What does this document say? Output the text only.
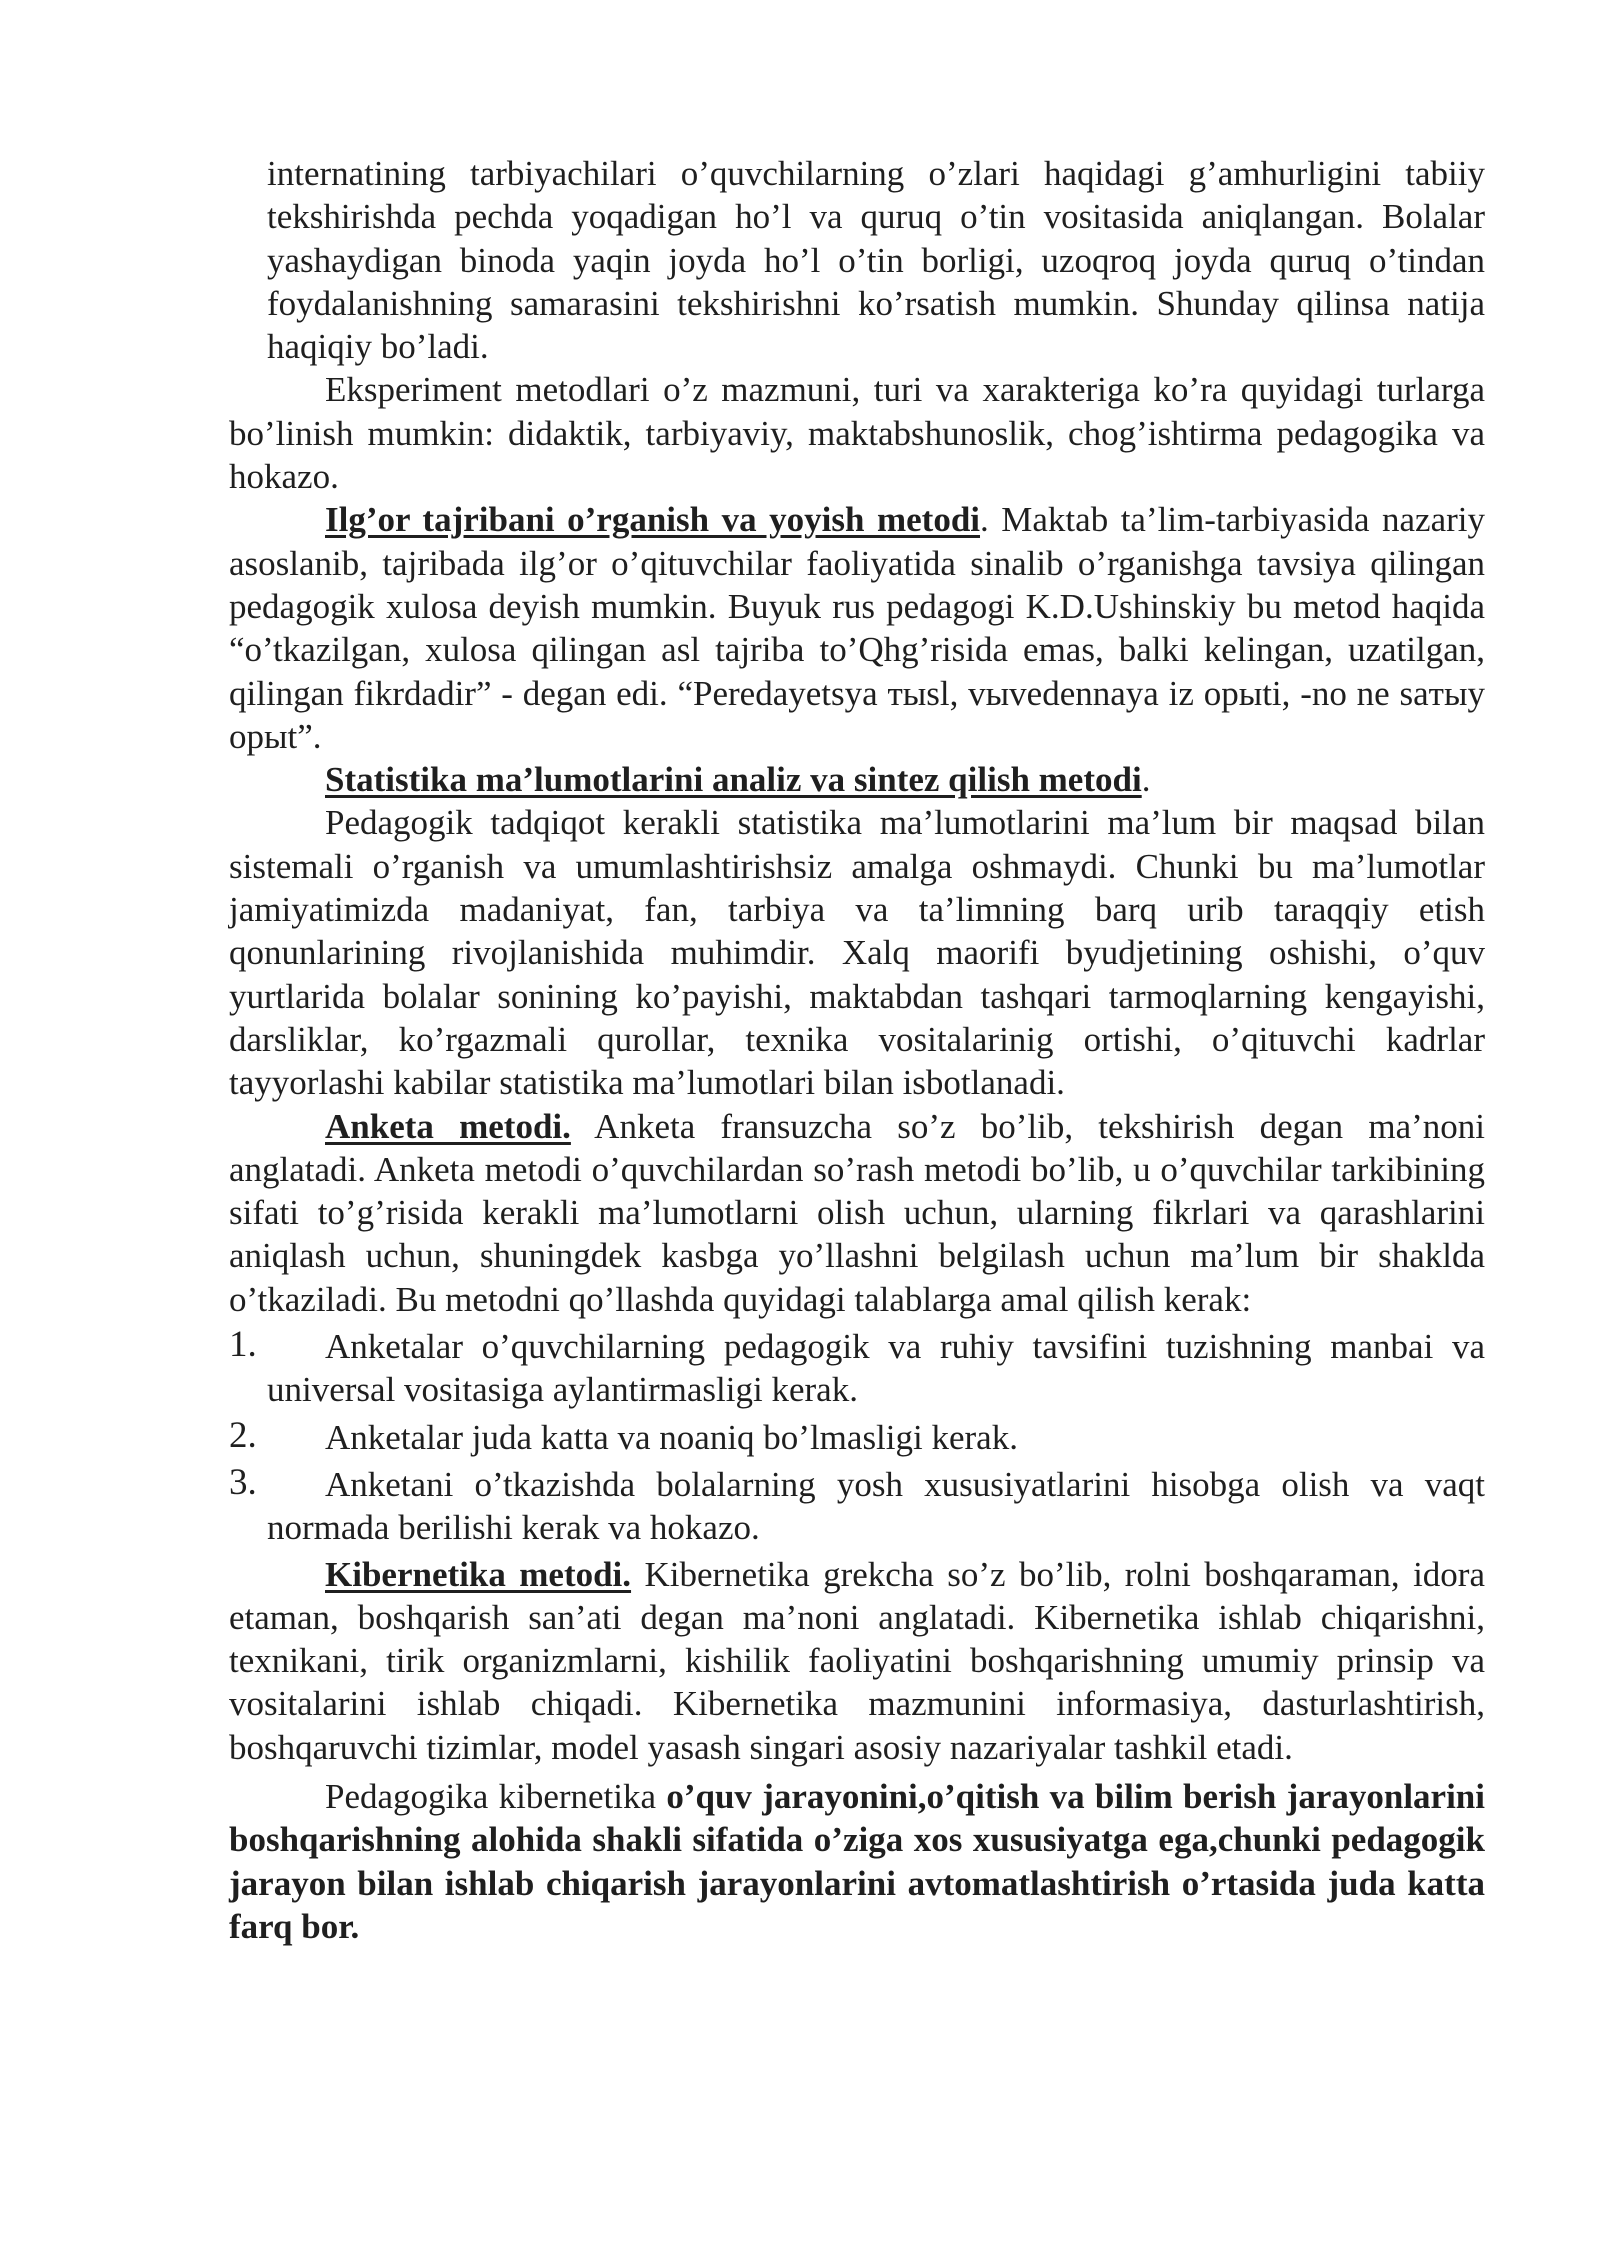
internatining tarbiyachilari o’quvchilarning o’zlari haqidagi g’amhurligini tabiiy tekshirishda pechda yoqadigan ho’l va quruq o’tin vositasida aniqlangan. Bolalar yashaydigan binoda yaqin joyda ho’l o’tin borligi, uzoqroq joyda quruq o’tindan foydalanishning samarasini tekshirishni ko’rsatish mumkin. Shunday qilinsa natija haqiqiy bo’ladi.

Eksperiment metodlari o’z mazmuni, turi va xarakteriga ko’ra quyidagi turlarga bo’linish mumkin: didaktik, tarbiyaviy, maktabshunoslik, chog’ishtirma pedagogika va hokazo.

Ilg’or tajribani o’rganish va yoyish metodi. Maktab ta’lim-tarbiyasida nazariy asoslanib, tajribada ilg’or o’qituvchilar faoliyatida sinalib o’rganishga tavsiya qilingan pedagogik xulosa deyish mumkin. Buyuk rus pedagogi K.D.Ushinskiy bu metod haqida “o’tkazilgan, xulosa qilingan asl tajriba to’Qhg’risida emas, balki kelingan, uzatilgan, qilingan fikrdadir” - degan edi. “Peredayetsya тыsl, vыvedennaya iz орыti, -no ne saтыу орыt”.

Statistika ma’lumotlarini analiz va sintez qilish metodi.

Pedagogik tadqiqot kerakli statistika ma’lumotlarini ma’lum bir maqsad bilan sistemali o’rganish va umumlashtirishsiz amalga oshmaydi. Chunki bu ma’lumotlar jamiyatimizda madaniyat, fan, tarbiya va ta’limning barq urib taraqqiy etish qonunlarining rivojlanishida muhimdir. Xalq maorifi byudjetining oshishi, o’quv yurtlarida bolalar sonining ko’payishi, maktabdan tashqari tarmoqlarning kengayishi, darsliklar, ko’rgazmali qurollar, texnika vositalarinig ortishi, o’qituvchi kadrlar tayyorlashi kabilar statistika ma’lumotlari bilan isbotlanadi.

Anketa metodi. Anketa fransuzcha so’z bo’lib, tekshirish degan ma’noni anglatadi. Anketa metodi o’quvchilardan so’rash metodi bo’lib, u o’quvchilar tarkibining sifati to’g’risida kerakli ma’lumotlarni olish uchun, ularning fikrlari va qarashlarini aniqlash uchun, shuningdek kasbga yo’llashni belgilash uchun ma’lum bir shaklda o’tkaziladi. Bu metodni qo’llashda quyidagi talablarga amal qilish kerak:

1. Anketalar o’quvchilarning pedagogik va ruhiy tavsifini tuzishning manbai va universal vositasiga aylantirmasligi kerak.

2. Anketalar juda katta va noaniq bo’lmasligi kerak.

3. Anketani o’tkazishda bolalarning yosh xususiyatlarini hisobga olish va vaqt normada berilishi kerak va hokazo.

Kibernetika metodi. Kibernetika grekcha so’z bo’lib, rolni boshqaraman, idora etaman, boshqarish san’ati degan ma’noni anglatadi. Kibernetika ishlab chiqarishni, texnikani, tirik organizmlarni, kishilik faoliyatini boshqarishning umumiy prinsip va vositalarini ishlab chiqadi. Kibernetika mazmunini informasiya, dasturlashtirish, boshqaruvchi tizimlar, model yasash singari asosiy nazariyalar tashkil etadi.

Pedagogika kibernetika o’quv jarayonini,o’qitish va bilim berish jarayonlarini boshqarishning alohida shakli sifatida o’ziga xos xususiyatga ega,chunki pedagogik jarayon bilan ishlab chiqarish jarayonlarini avtomatlashtirish o’rtasida juda katta farq bor.
